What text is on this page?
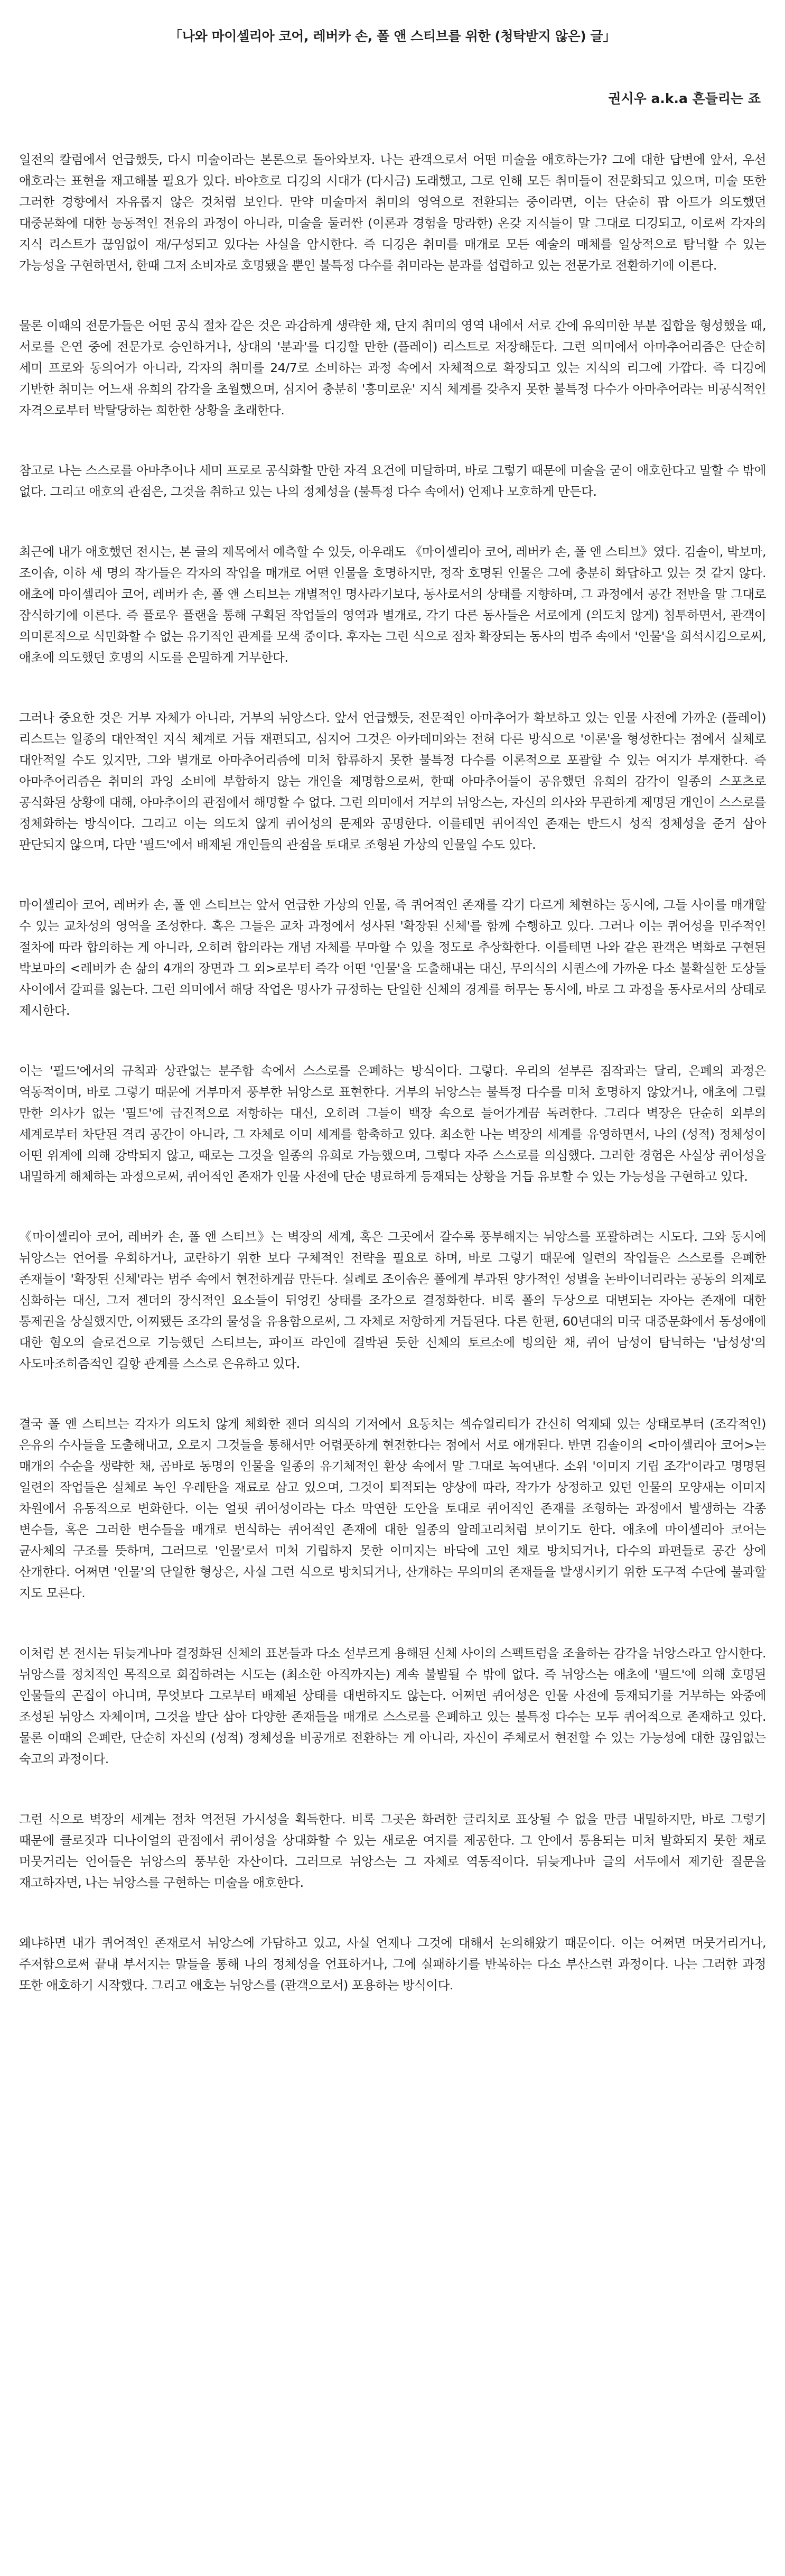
「나와 마이셀리아 코어, 레버카 손, 폴 앤 스티브를 위한 (청탁받지 않은) 글」
권시우 a.k.a 흔들리는 죠

일전의 칼럼에서 언급했듯, 다시 미술이라는 본론으로 돌아와보자. 나는 관객으로서 어떤 미술을 애호하는가? 그에 대한 답변에 앞서, 우선 애호라는 표현을 재고해볼 필요가 있다. 바야흐로 디깅의 시대가 (다시금) 도래했고, 그로 인해 모든 취미들이 전문화되고 있으며, 미술 또한 그러한 경향에서 자유롭지 않은 것처럼 보인다. 만약 미술마저 취미의 영역으로 전환되는 중이라면, 이는 단순히 팝 아트가 의도했던 대중문화에 대한 능동적인 전유의 과정이 아니라, 미술을 둘러싼 (이론과 경험을 망라한) 온갖 지식들이 말 그대로 디깅되고, 이로써 각자의 지식 리스트가 끊임없이 재/구성되고 있다는 사실을 암시한다. 즉 디깅은 취미를 매개로 모든 예술의 매체를 일상적으로 탐닉할 수 있는 가능성을 구현하면서, 한때 그저 소비자로 호명됐을 뿐인 불특정 다수를 취미라는 분과를 섭렵하고 있는 전문가로 전환하기에 이른다.

물론 이때의 전문가들은 어떤 공식 절차 같은 것은 과감하게 생략한 채, 단지 취미의 영역 내에서 서로 간에 유의미한 부분 집합을 형성했을 때, 서로를 은연 중에 전문가로 승인하거나, 상대의 '분과'를 디깅할 만한 (플레이) 리스트로 저장해둔다. 그런 의미에서 아마추어리즘은 단순히 세미 프로와 동의어가 아니라, 각자의 취미를 24/7로 소비하는 과정 속에서 자체적으로 확장되고 있는 지식의 리그에 가깝다. 즉 디깅에 기반한 취미는 어느새 유희의 감각을 초월했으며, 심지어 충분히 '흥미로운' 지식 체계를 갖추지 못한 불특정 다수가 아마추어라는 비공식적인 자격으로부터 박탈당하는 희한한 상황을 초래한다.

참고로 나는 스스로를 아마추어나 세미 프로로 공식화할 만한 자격 요건에 미달하며, 바로 그렇기 때문에 미술을 굳이 애호한다고 말할 수 밖에 없다. 그리고 애호의 관점은, 그것을 취하고 있는 나의 정체성을 (불특정 다수 속에서) 언제나 모호하게 만든다.

최근에 내가 애호했던 전시는, 본 글의 제목에서 예측할 수 있듯, 아우래도 《마이셀리아 코어, 레버카 손, 폴 앤 스티브》였다. 김솔이, 박보마, 조이솝, 이하 세 명의 작가들은 각자의 작업을 매개로 어떤 인물을 호명하지만, 정작 호명된 인물은 그에 충분히 화답하고 있는 것 같지 않다. 애초에 마이셀리아 코어, 레버카 손, 폴 앤 스티브는 개별적인 명사라기보다, 동사로서의 상태를 지향하며, 그 과정에서 공간 전반을 말 그대로 잠식하기에 이른다. 즉 플로우 플랜을 통해 구획된 작업들의 영역과 별개로, 각기 다른 동사들은 서로에게 (의도치 않게) 침투하면서, 관객이 의미론적으로 식민화할 수 없는 유기적인 관계를 모색 중이다. 후자는 그런 식으로 점차 확장되는 동사의 범주 속에서 '인물'을 희석시킴으로써, 애초에 의도했던 호명의 시도를 은밀하게 거부한다.

그러나 중요한 것은 거부 자체가 아니라, 거부의 뉘앙스다. 앞서 언급했듯, 전문적인 아마추어가 확보하고 있는 인물 사전에 가까운 (플레이) 리스트는 일종의 대안적인 지식 체계로 거듭 재편되고, 심지어 그것은 아카데미와는 전혀 다른 방식으로 '이론'을 형성한다는 점에서 실체로 대안적일 수도 있지만, 그와 별개로 아마추어리즘에 미처 합류하지 못한 불특정 다수를 이론적으로 포괄할 수 있는 여지가 부재한다. 즉 아마추어리즘은 취미의 과잉 소비에 부합하지 않는 개인을 제명함으로써, 한때 아마추어들이 공유했던 유희의 감각이 일종의 스포츠로 공식화된 상황에 대해, 아마추어의 관점에서 해명할 수 없다. 그런 의미에서 거부의 뉘앙스는, 자신의 의사와 무관하게 제명된 개인이 스스로를 정체화하는 방식이다. 그리고 이는 의도치 않게 퀴어성의 문제와 공명한다. 이를테면 퀴어적인 존재는 반드시 성적 정체성을 준거 삼아 판단되지 않으며, 다만 '필드'에서 배제된 개인들의 관점을 토대로 조형된 가상의 인물일 수도 있다.

마이셀리아 코어, 레버카 손, 폴 앤 스티브는 앞서 언급한 가상의 인물, 즉 퀴어적인 존재를 각기 다르게 체현하는 동시에, 그들 사이를 매개할 수 있는 교차성의 영역을 조성한다. 혹은 그들은 교차 과정에서 성사된 '확장된 신체'를 함께 수행하고 있다. 그러나 이는 퀴어성을 민주적인 절차에 따라 합의하는 게 아니라, 오히려 합의라는 개념 자체를 무마할 수 있을 정도로 추상화한다. 이를테면 나와 같은 관객은 벽화로 구현된 박보마의 <레버카 손 삶의 4개의 장면과 그 외>로부터 즉각 어떤 '인물'을 도출해내는 대신, 무의식의 시퀀스에 가까운 다소 불확실한 도상들 사이에서 갈피를 잃는다. 그런 의미에서 해당 작업은 명사가 규정하는 단일한 신체의 경계를 허무는 동시에, 바로 그 과정을 동사로서의 상태로 제시한다.

이는 '필드'에서의 규칙과 상관없는 분주함 속에서 스스로를 은폐하는 방식이다. 그렇다. 우리의 섣부른 짐작과는 달리, 은폐의 과정은 역동적이며, 바로 그렇기 때문에 거부마저 풍부한 뉘앙스로 표현한다. 거부의 뉘앙스는 불특정 다수를 미처 호명하지 않았거나, 애초에 그럴 만한 의사가 없는 '필드'에 급진적으로 저항하는 대신, 오히려 그들이 백장 속으로 들어가게끔 독려한다. 그리다 벽장은 단순히 외부의 세계로부터 차단된 격리 공간이 아니라, 그 자체로 이미 세계를 함축하고 있다. 최소한 나는 벽장의 세계를 유영하면서, 나의 (성적) 정체성이 어떤 위계에 의해 강박되지 않고, 때로는 그것을 일종의 유희로 가능했으며, 그렇다 자주 스스로를 의심했다. 그러한 경험은 사실상 퀴어성을 내밀하게 해체하는 과정으로써, 퀴어적인 존재가 인물 사전에 단순 명료하게 등재되는 상황을 거듭 유보할 수 있는 가능성을 구현하고 있다.

《마이셀리아 코어, 레버카 손, 폴 앤 스티브》는 벽장의 세계, 혹은 그곳에서 갈수록 풍부해지는 뉘앙스를 포괄하려는 시도다. 그와 동시에 뉘앙스는 언어를 우회하거나, 교란하기 위한 보다 구체적인 전략을 필요로 하며, 바로 그렇기 때문에 일련의 작업들은 스스로를 은폐한 존재들이 '확장된 신체'라는 범주 속에서 현전하게끔 만든다. 실례로 조이솝은 폴에게 부과된 양가적인 성별을 논바이너리라는 공동의 의제로 심화하는 대신, 그저 젠더의 장식적인 요소들이 뒤엉킨 상태를 조각으로 결정화한다. 비록 폴의 두상으로 대변되는 자아는 존재에 대한 통제권을 상실했지만, 어찌됐든 조각의 물성을 유용함으로써, 그 자체로 저항하게 거듭된다. 다른 한편, 60년대의 미국 대중문화에서 동성애에 대한 혐오의 슬로건으로 기능했던 스티브는, 파이프 라인에 결박된 듯한 신체의 토르소에 빙의한 채, 퀴어 남성이 탐닉하는 '남성성'의 사도마조히즘적인 길항 관계를 스스로 은유하고 있다.

결국 폴 앤 스티브는 각자가 의도치 않게 체화한 젠더 의식의 기저에서 요동치는 섹슈얼리티가 간신히 억제돼 있는 상태로부터 (조각적인) 은유의 수사들을 도출해내고, 오로지 그것들을 통해서만 어렴풋하게 현전한다는 점에서 서로 애개된다. 반면 김솔이의 <마이셀리아 코어>는 매개의 수순을 생략한 채, 곰바로 동명의 인물을 일종의 유기체적인 환상 속에서 말 그대로 녹여낸다. 소위 '이미지 기립 조각'이라고 명명된 일련의 작업들은 실체로 녹인 우레탄을 재료로 삼고 있으며, 그것이 퇴적되는 양상에 따라, 작가가 상정하고 있던 인물의 모양새는 이미지 차원에서 유동적으로 변화한다. 이는 얼핏 퀴어성이라는 다소 막연한 도안을 토대로 퀴어적인 존재를 조형하는 과정에서 발생하는 각종 변수들, 혹은 그러한 변수들을 매개로 번식하는 퀴어적인 존재에 대한 일종의 알레고리처럼 보이기도 한다. 애초에 마이셀리아 코어는 균사체의 구조를 뜻하며, 그러므로 '인물'로서 미처 기립하지 못한 이미지는 바닥에 고인 채로 방치되거나, 다수의 파편들로 공간 상에 산개한다. 어쩌면 '인물'의 단일한 형상은, 사실 그런 식으로 방치되거나, 산개하는 무의미의 존재들을 발생시키기 위한 도구적 수단에 불과할 지도 모른다.

이처럼 본 전시는 뒤늦게나마 결정화된 신체의 표본들과 다소 섣부르게 용해된 신체 사이의 스펙트럼을 조율하는 감각을 뉘앙스라고 암시한다. 뉘앙스를 정치적인 목적으로 회집하려는 시도는 (최소한 아직까지는) 계속 불발될 수 밖에 없다. 즉 뉘앙스는 애초에 '필드'에 의해 호명된 인물들의 곤집이 아니며, 무엇보다 그로부터 배제된 상태를 대변하지도 않는다. 어쩌면 퀴어성은 인물 사전에 등재되기를 거부하는 와중에 조성된 뉘앙스 자체이며, 그것을 발단 삼아 다양한 존재들을 매개로 스스로를 은폐하고 있는 불특정 다수는 모두 퀴어적으로 존재하고 있다. 물론 이때의 은폐란, 단순히 자신의 (성적) 정체성을 비공개로 전환하는 게 아니라, 자신이 주체로서 현전할 수 있는 가능성에 대한 끊임없는 숙고의 과정이다.

그런 식으로 벽장의 세계는 점차 역전된 가시성을 획득한다. 비록 그곳은 화려한 글리치로 표상될 수 없을 만큼 내밀하지만, 바로 그렇기 때문에 클로짓과 디나이얼의 관점에서 퀴어성을 상대화할 수 있는 새로운 여지를 제공한다. 그 안에서 통용되는 미처 발화되지 못한 채로 머뭇거리는 언어들은 뉘앙스의 풍부한 자산이다. 그러므로 뉘앙스는 그 자체로 역동적이다. 뒤늦게나마 글의 서두에서 제기한 질문을 재고하자면, 나는 뉘앙스를 구현하는 미술을 애호한다.

왜냐하면 내가 퀴어적인 존재로서 뉘앙스에 가담하고 있고, 사실 언제나 그것에 대해서 논의해왔기 때문이다. 이는 어쩌면 머뭇거리거나, 주저함으로써 끝내 부서지는 말들을 통해 나의 정체성을 언표하거나, 그에 실패하기를 반복하는 다소 부산스런 과정이다. 나는 그러한 과정 또한 애호하기 시작했다. 그리고 애호는 뉘앙스를 (관객으로서) 포용하는 방식이다.
